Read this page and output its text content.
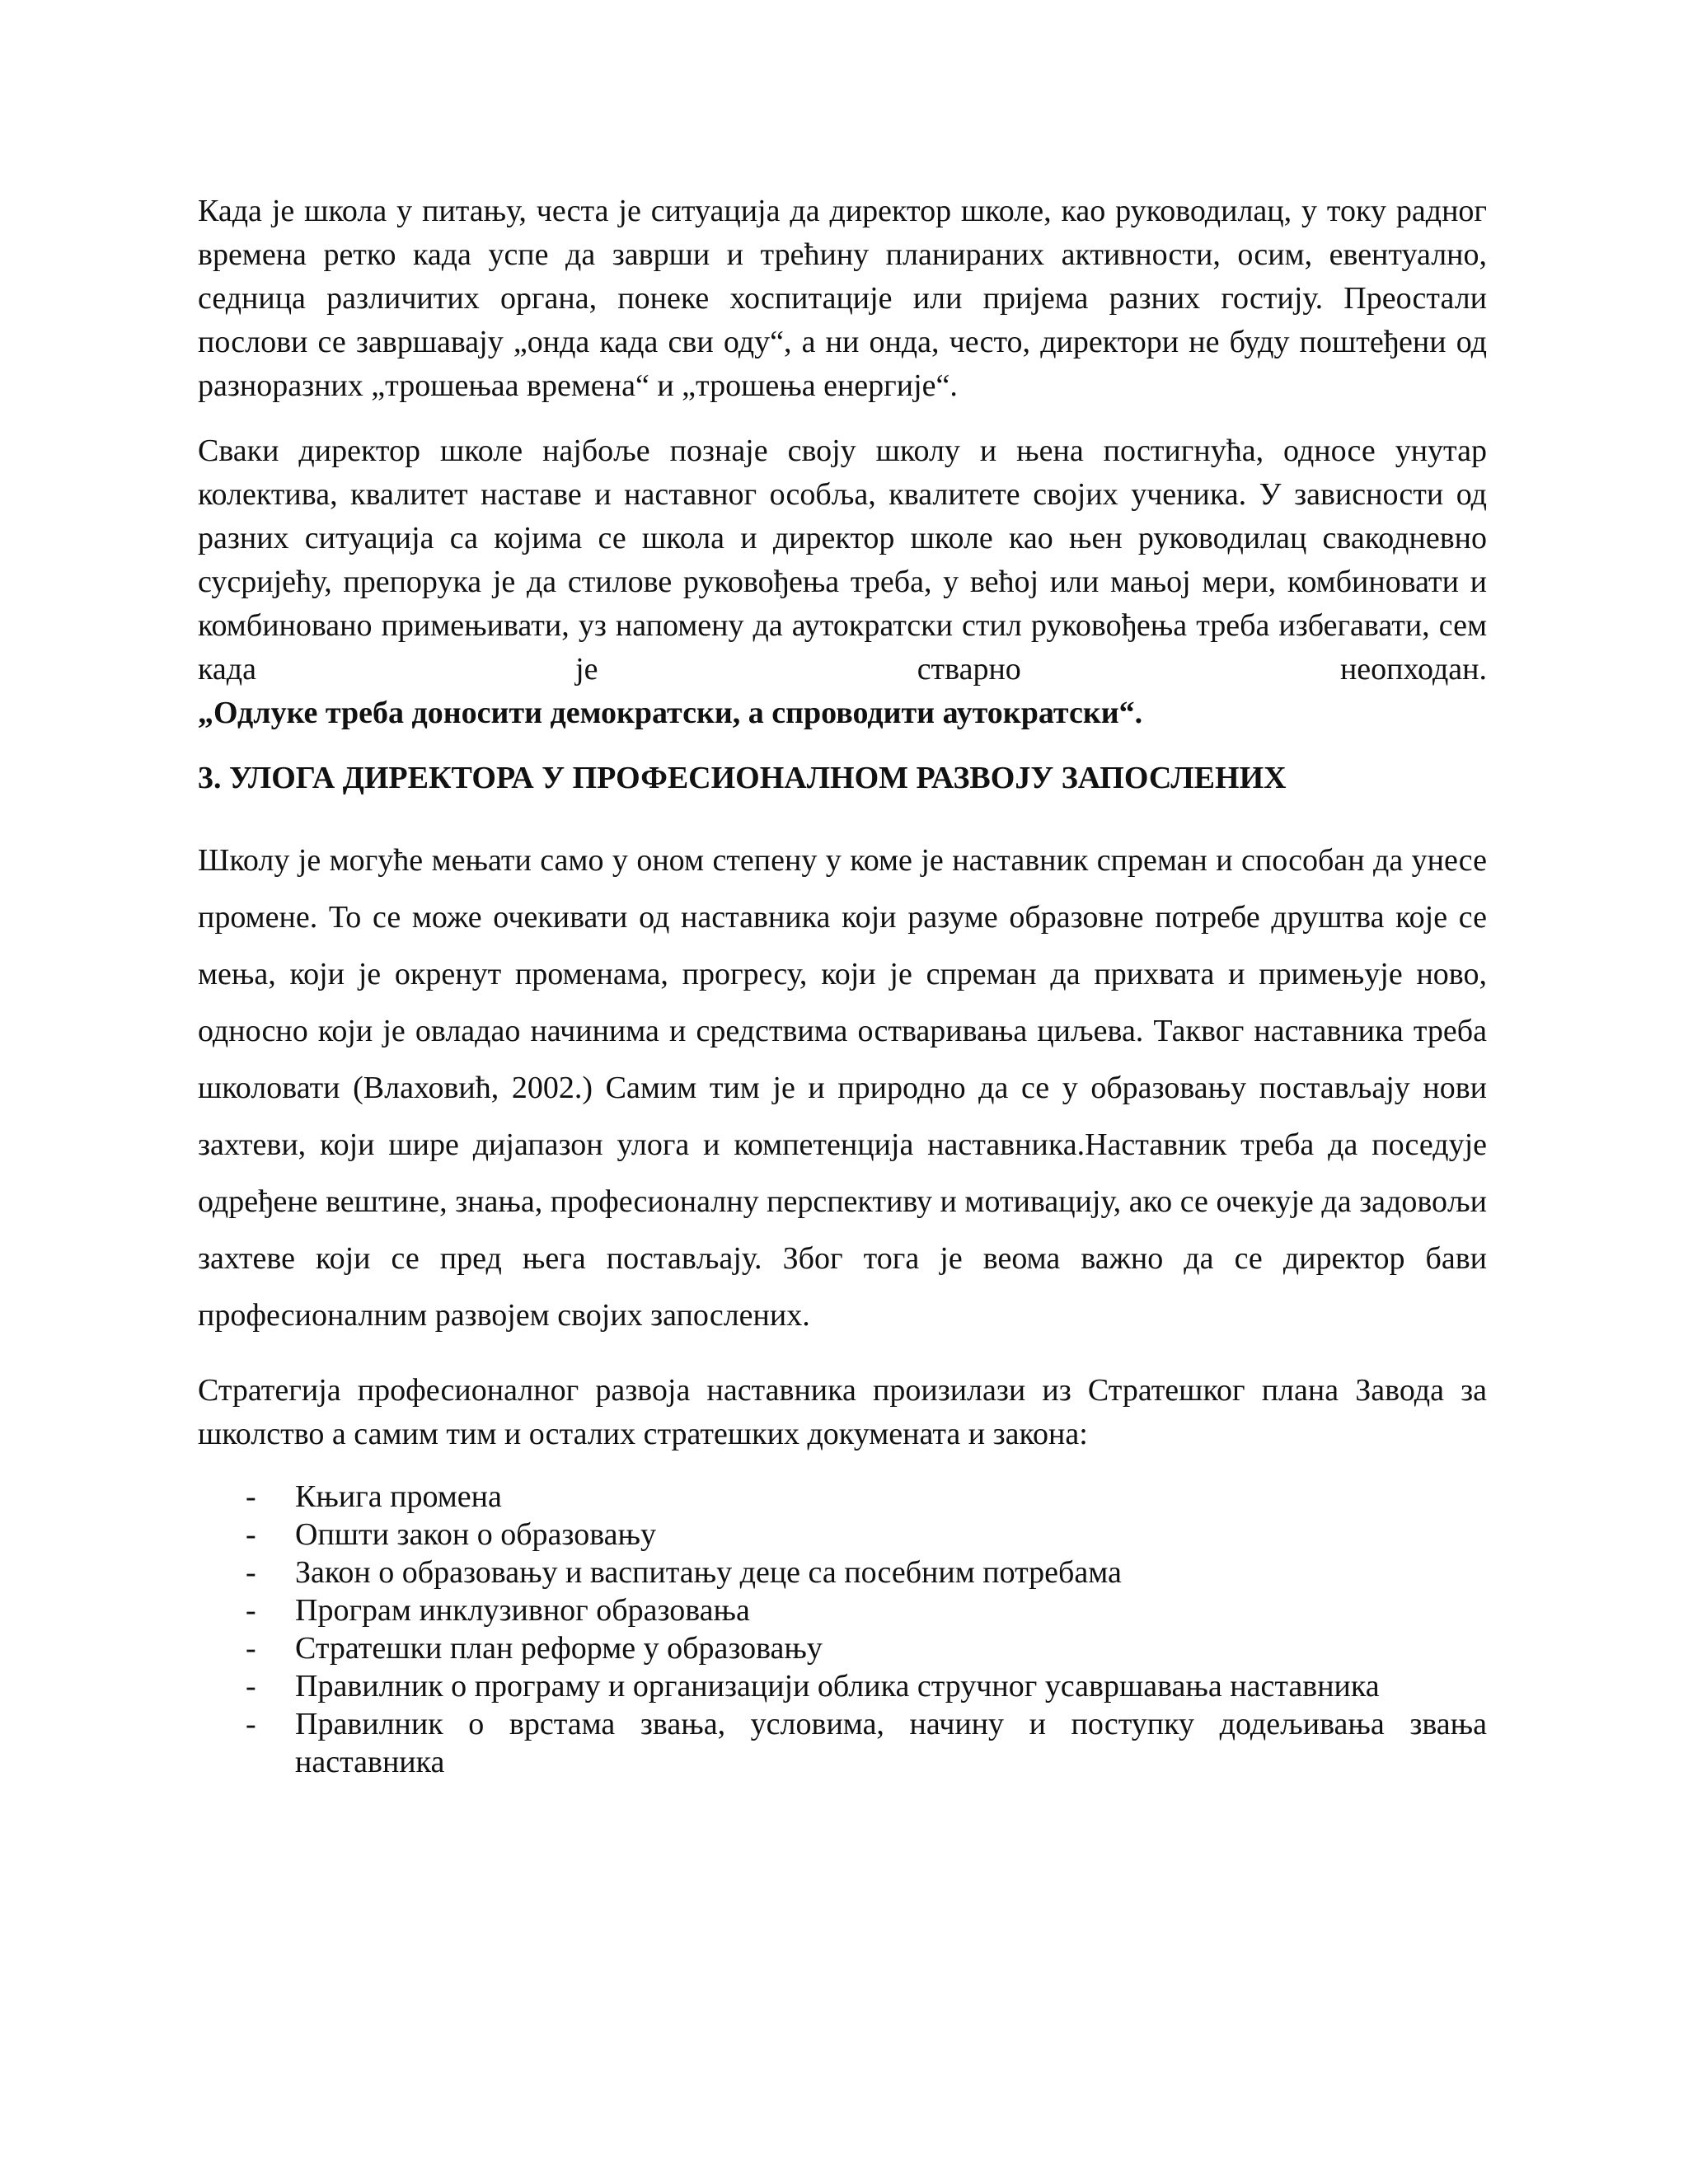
Када је школа у питању, честа је ситуација да директор школе, као руководилац, у току радног времена ретко када успе да заврши и трећину планираних активности, осим, евентуално, седница различитих органа, понеке хоспитације или пријема разних гостију. Преостали послови се завршавају „онда када сви оду“, а ни онда, често, директори не буду поштеђени од разноразних „трошењаа времена“ и „трошења енергије“.

Сваки директор школе најбоље познаје своју школу и њена постигнућа, односе унутар колектива, квалитет наставе и наставног особља, квалитете својих ученика. У зависности од разних ситуација са којима се школа и директор школе као њен руководилац свакодневно сусријећу, препорука је да стилове руковођења треба, у већој или мањој мери, комбиновати и комбиновано примењивати, уз напомену да аутократски стил руковођења треба избегавати, сем када је стварно неопходан.
„Одлуке треба доносити демократски, а спроводити аутократски“.

3. УЛОГА ДИРЕКТОРА У ПРОФЕСИОНАЛНОМ РАЗВОЈУ ЗАПОСЛЕНИХ

Школу је могуће мењати само у оном степену у коме је наставник спреман и способан да унесе промене. То се може очекивати од наставника који разуме образовне потребе друштва које се мења, који је окренут променама, прогресу, који је спреман да прихвата и примењује ново, односно који је овладао начинима и средствима остваривања циљева. Таквог наставника треба школовати (Влаховић, 2002.) Самим тим је и природно да се у образовању постављају нови захтеви, који шире дијапазон улога и компетенција наставника.Наставник треба да поседује одређене вештине, знања, професионалну перспективу и мотивацију, ако се очекује да задовољи захтеве који се пред њега постављају. Због тога је веома важно да се директор бави професионалним развојем својих запослених.

Стратегија професионалног развоја наставника произилази из Стратешког плана Завода за школство а самим тим и осталих стратешких докумената и закона:

- Књига промена
- Општи закон о образовању
- Закон о образовању и васпитању деце са посебним потребама
- Програм инклузивног образовања
- Стратешки план реформе у образовању
- Правилник о програму и организацији облика стручног усавршавања наставника
- Правилник о врстама звања, условима, начину и поступку додељивања звања наставника
